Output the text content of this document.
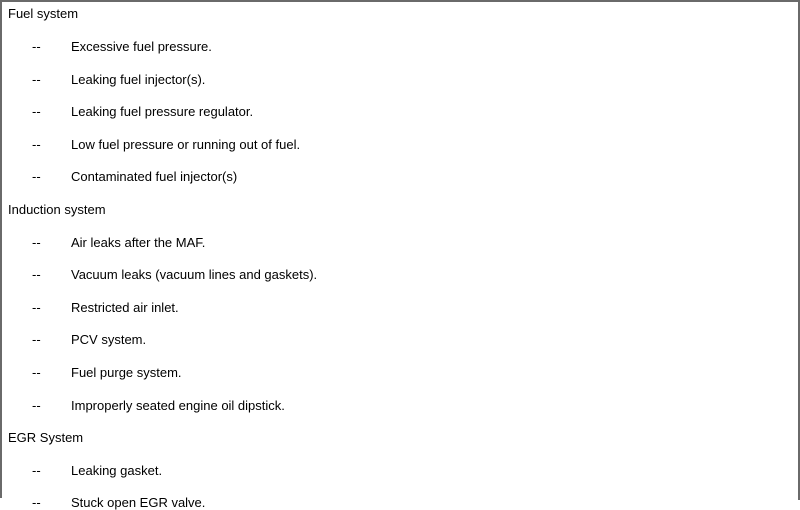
Fuel system
-- Excessive fuel pressure.
-- Leaking fuel injector(s).
-- Leaking fuel pressure regulator.
-- Low fuel pressure or running out of fuel.
-- Contaminated fuel injector(s)
Induction system
-- Air leaks after the MAF.
-- Vacuum leaks (vacuum lines and gaskets).
-- Restricted air inlet.
-- PCV system.
-- Fuel purge system.
-- Improperly seated engine oil dipstick.
EGR System
-- Leaking gasket.
-- Stuck open EGR valve.
